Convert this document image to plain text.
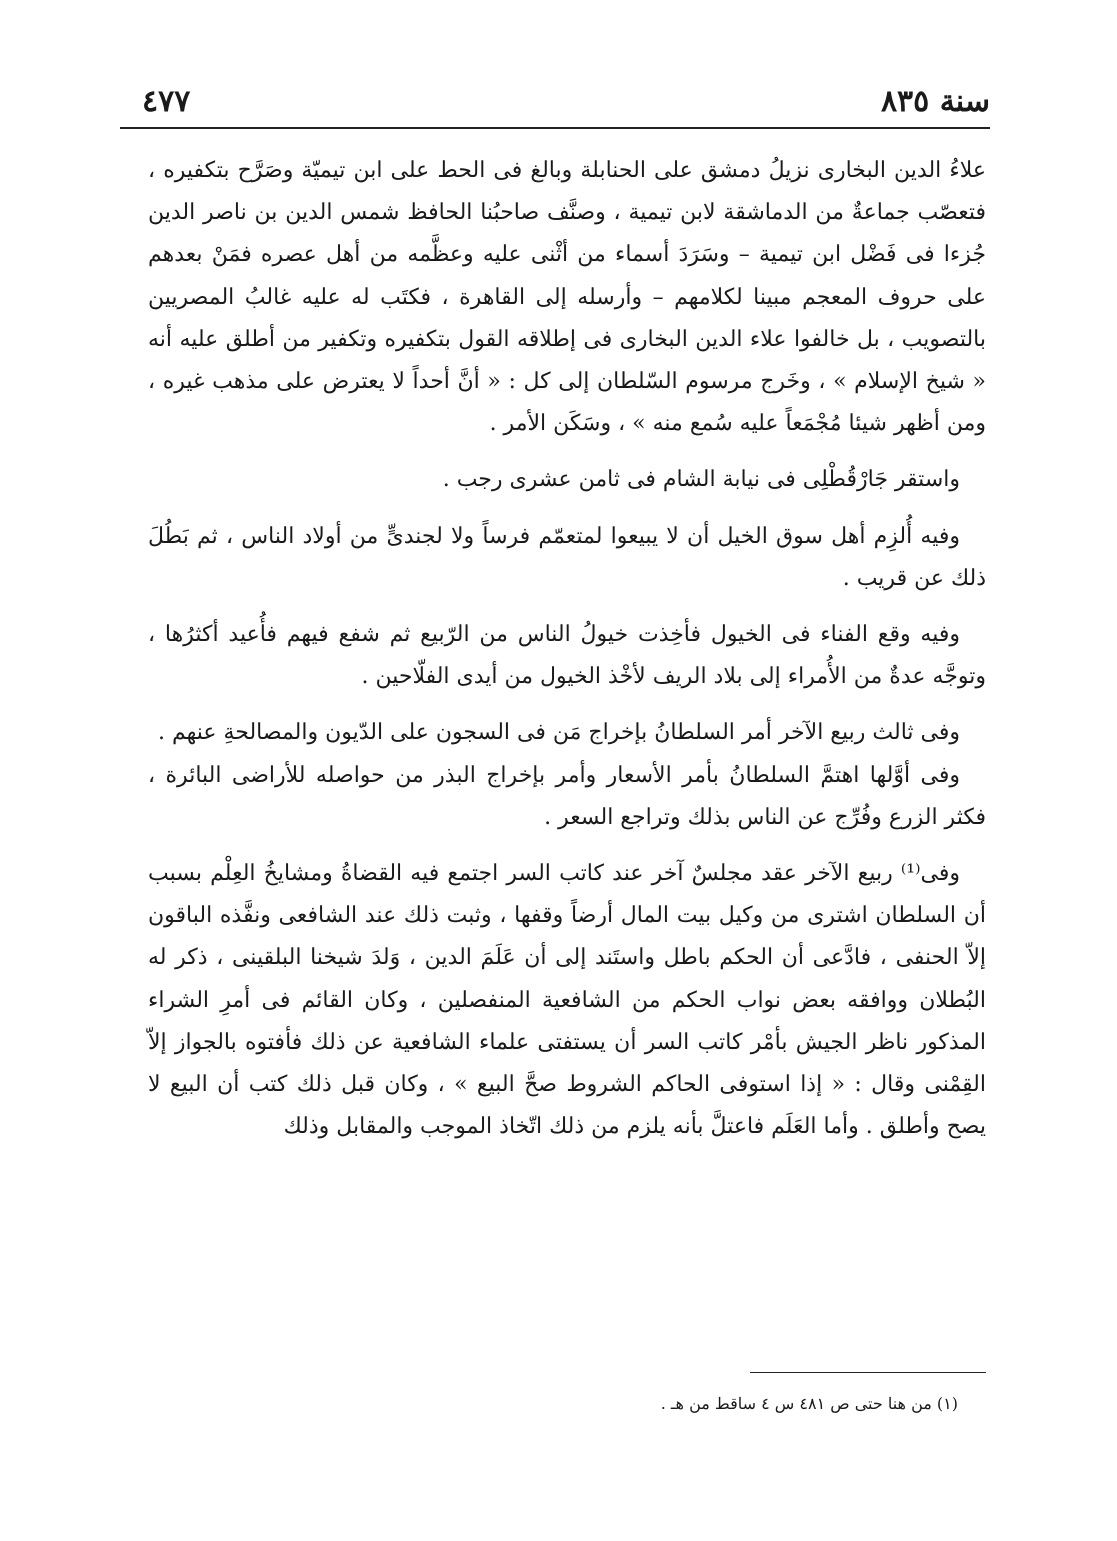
سنة ٨٣٥
٤٧٧

علاءُ الدين البخارى نزيلُ دمشق على الحنابلة وبالغ فى الحط على ابن تيميّة وصَرَّح بتكفيره ، فتعصّب جماعةٌ من الدماشقة لابن تيمية ، وصنَّف صاحبُنا الحافظ شمس الدين بن ناصر الدين جُزءا فى فَضْل ابن تيمية – وسَرَدَ أسماء من أثْنى عليه وعظَّمه من أهل عصره فمَنْ بعدهم على حروف المعجم مبينا لكلامهم – وأرسله إلى القاهرة ، فكتَب له عليه غالبُ المصريين بالتصويب ، بل خالفوا علاء الدين البخارى فى إطلاقه القول بتكفيره وتكفير من أطلق عليه أنه « شيخ الإسلام » ، وخَرج مرسوم السّلطان إلى كل : « أنَّ أحداً لا يعترض على مذهب غيره ، ومن أظهر شيئا مُجْمَعاً عليه سُمع منه » ، وسَكَن الأمر .

واستقر جَارْقُطْلِى فى نيابة الشام فى ثامن عشرى رجب .

وفيه أُلزِم أهل سوق الخيل أن لا يبيعوا لمتعمّم فرساً ولا لجندىٍّ من أولاد الناس ، ثم بَطُلَ ذلك عن قريب .

وفيه وقع الفناء فى الخيول فأخِذت خيولُ الناس من الرّبيع ثم شفع فيهم فأُعيد أكثرُها ، وتوجَّه عدةٌ من الأُمراء إلى بلاد الريف لأخْذ الخيول من أيدى الفلّاحين .

وفى ثالث ربيع الآخر أمر السلطانُ بإخراج مَن فى السجون على الدّيون والمصالحةِ عنهم .

وفى أوَّلها اهتمَّ السلطانُ بأمر الأسعار وأمر بإخراج البذر من حواصله للأراضى البائرة ، فكثر الزرع وفُرِّج عن الناس بذلك وتراجع السعر .

وفى⁽¹⁾ ربيع الآخر عقد مجلسٌ آخر عند كاتب السر اجتمع فيه القضاةُ ومشايخُ العِلْم بسبب أن السلطان اشترى من وكيل بيت المال أرضاً وقفها ، وثبت ذلك عند الشافعى ونفَّذه الباقون إلاّ الحنفى ، فادَّعى أن الحكم باطل واستَند إلى أن عَلَمَ الدين ، وَلدَ شيخنا البلقينى ، ذكر له البُطلان ووافقه بعض نواب الحكم من الشافعية المنفصلين ، وكان القائم فى أمرِ الشراء المذكور ناظر الجيش بأمْر كاتب السر أن يستفتى علماء الشافعية عن ذلك فأفتوه بالجواز إلاّ القِمْنى وقال : « إذا استوفى الحاكم الشروط صحَّ البيع » ، وكان قبل ذلك كتب أن البيع لا يصح وأطلق . وأما العَلَم فاعتلَّ بأنه يلزم من ذلك اتّخاذ الموجب والمقابل وذلك

(١) من هنا حتى ص ٤٨١ س ٤ ساقط من هـ .
